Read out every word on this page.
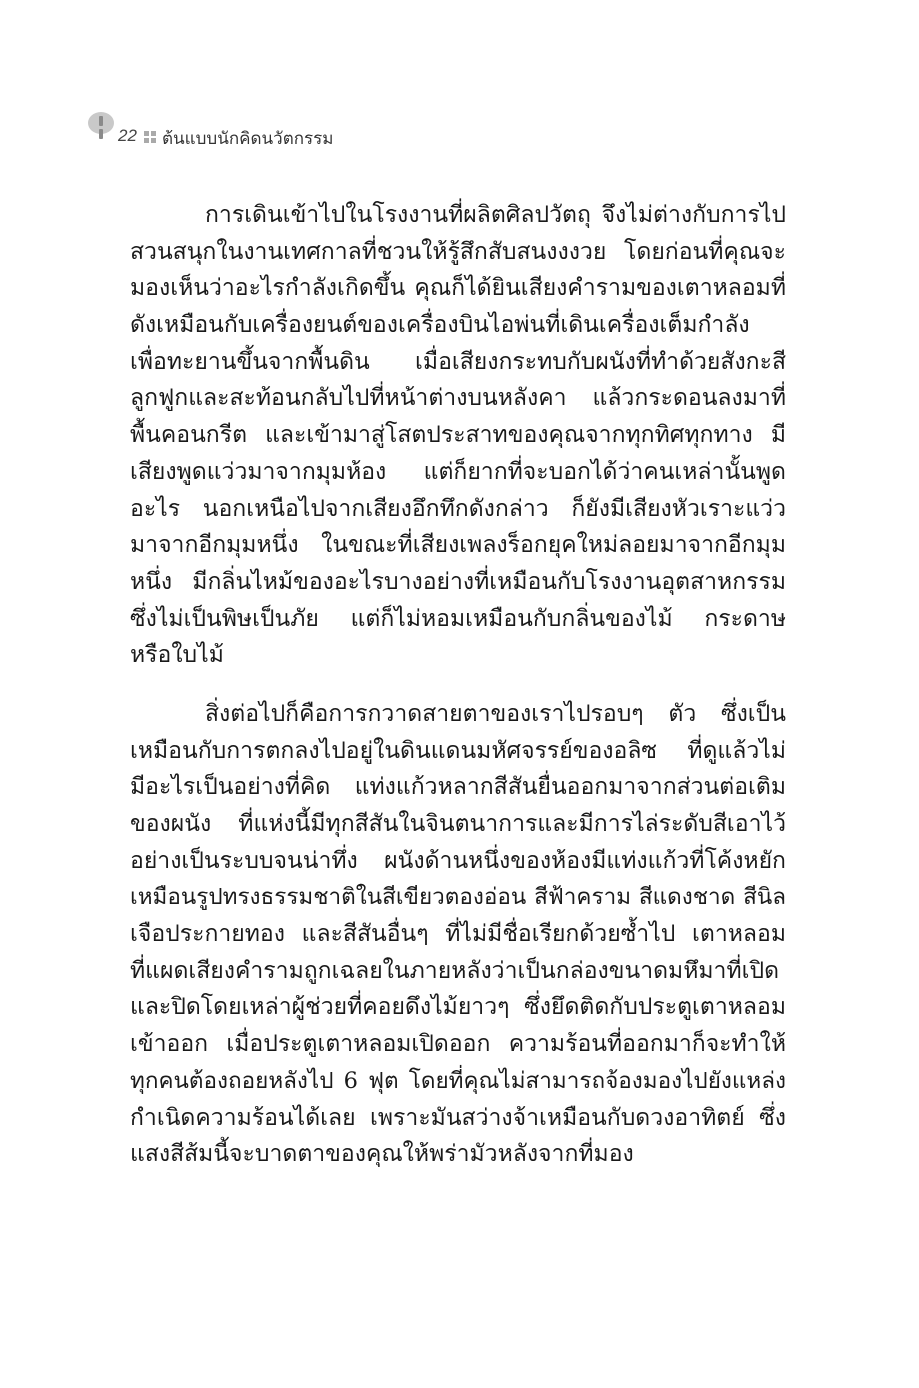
22 ต้นแบบนักคิดนวัตกรรม

การเดินเข้าไปในโรงงานที่ผลิตศิลปวัตถุ จึงไม่ต่างกับการไป
สวนสนุกในงานเทศกาลที่ชวนให้รู้สึกสับสนงงงวย โดยก่อนที่คุณจะ
มองเห็นว่าอะไรกำลังเกิดขึ้น คุณก็ได้ยินเสียงคำรามของเตาหลอมที่
ดังเหมือนกับเครื่องยนต์ของเครื่องบินไอพ่นที่เดินเครื่องเต็มกำลัง
เพื่อทะยานขึ้นจากพื้นดิน เมื่อเสียงกระทบกับผนังที่ทำด้วยสังกะสี
ลูกฟูกและสะท้อนกลับไปที่หน้าต่างบนหลังคา แล้วกระดอนลงมาที่
พื้นคอนกรีต และเข้ามาสู่โสตประสาทของคุณจากทุกทิศทุกทาง มี
เสียงพูดแว่วมาจากมุมห้อง แต่ก็ยากที่จะบอกได้ว่าคนเหล่านั้นพูด
อะไร นอกเหนือไปจากเสียงอึกทึกดังกล่าว ก็ยังมีเสียงหัวเราะแว่ว
มาจากอีกมุมหนึ่ง ในขณะที่เสียงเพลงร็อกยุคใหม่ลอยมาจากอีกมุม
หนึ่ง มีกลิ่นไหม้ของอะไรบางอย่างที่เหมือนกับโรงงานอุตสาหกรรม
ซึ่งไม่เป็นพิษเป็นภัย แต่ก็ไม่หอมเหมือนกับกลิ่นของไม้ กระดาษ
หรือใบไม้

สิ่งต่อไปก็คือการกวาดสายตาของเราไปรอบๆ ตัว ซึ่งเป็น
เหมือนกับการตกลงไปอยู่ในดินแดนมหัศจรรย์ของอลิซ ที่ดูแล้วไม่
มีอะไรเป็นอย่างที่คิด แท่งแก้วหลากสีสันยื่นออกมาจากส่วนต่อเติม
ของผนัง ที่แห่งนี้มีทุกสีสันในจินตนาการและมีการไล่ระดับสีเอาไว้
อย่างเป็นระบบจนน่าทึ่ง ผนังด้านหนึ่งของห้องมีแท่งแก้วที่โค้งหยัก
เหมือนรูปทรงธรรมชาติในสีเขียวตองอ่อน สีฟ้าคราม สีแดงชาด สีนิล
เจือประกายทอง และสีสันอื่นๆ ที่ไม่มีชื่อเรียกด้วยซ้ำไป เตาหลอม
ที่แผดเสียงคำรามถูกเฉลยในภายหลังว่าเป็นกล่องขนาดมหึมาที่เปิด
และปิดโดยเหล่าผู้ช่วยที่คอยดึงไม้ยาวๆ ซึ่งยึดติดกับประตูเตาหลอม
เข้าออก เมื่อประตูเตาหลอมเปิดออก ความร้อนที่ออกมาก็จะทำให้
ทุกคนต้องถอยหลังไป 6 ฟุต โดยที่คุณไม่สามารถจ้องมองไปยังแหล่ง
กำเนิดความร้อนได้เลย เพราะมันสว่างจ้าเหมือนกับดวงอาทิตย์ ซึ่ง
แสงสีส้มนี้จะบาดตาของคุณให้พร่ามัวหลังจากที่มอง
